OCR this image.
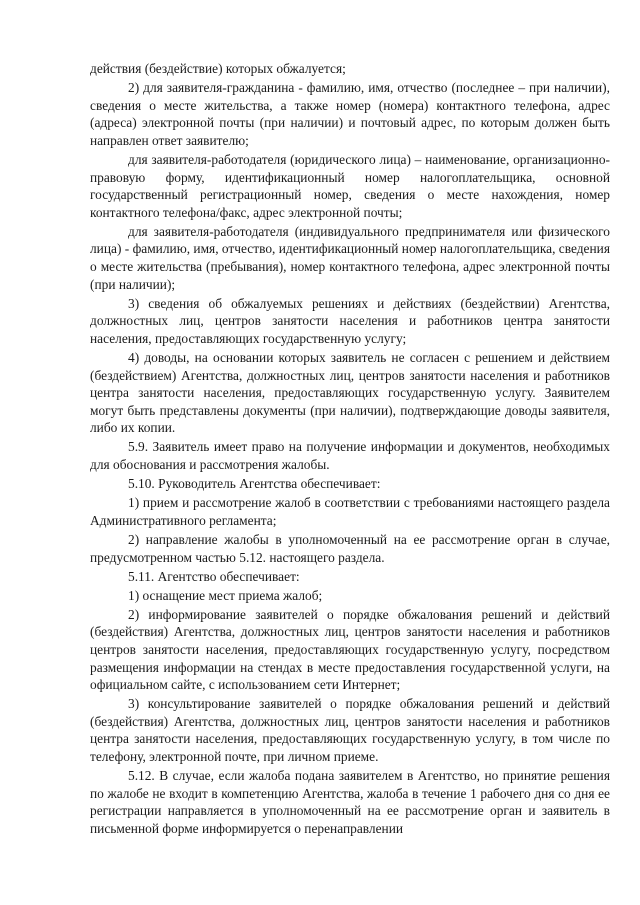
действия (бездействие) которых обжалуется;

2) для заявителя-гражданина - фамилию, имя, отчество (последнее – при наличии), сведения о месте жительства, а также номер (номера) контактного телефона, адрес (адреса) электронной почты (при наличии) и почтовый адрес, по которым должен быть направлен ответ заявителю;

для заявителя-работодателя (юридического лица) – наименование, организационно-правовую форму, идентификационный номер налогоплательщика, основной государственный регистрационный номер, сведения о месте нахождения, номер контактного телефона/факс, адрес электронной почты;

для заявителя-работодателя (индивидуального предпринимателя или физического лица) - фамилию, имя, отчество, идентификационный номер налогоплательщика, сведения о месте жительства (пребывания), номер контактного телефона, адрес электронной почты (при наличии);

3) сведения об обжалуемых решениях и действиях (бездействии) Агентства, должностных лиц, центров занятости населения и работников центра занятости населения, предоставляющих государственную услугу;

4) доводы, на основании которых заявитель не согласен с решением и действием (бездействием) Агентства, должностных лиц, центров занятости населения и работников центра занятости населения, предоставляющих государственную услугу. Заявителем могут быть представлены документы (при наличии), подтверждающие доводы заявителя, либо их копии.

5.9. Заявитель имеет право на получение информации и документов, необходимых для обоснования и рассмотрения жалобы.

5.10. Руководитель Агентства обеспечивает:

1) прием и рассмотрение жалоб в соответствии с требованиями настоящего раздела Административного регламента;

2) направление жалобы в уполномоченный на ее рассмотрение орган в случае, предусмотренном частью 5.12. настоящего раздела.

5.11. Агентство обеспечивает:

1) оснащение мест приема жалоб;

2) информирование заявителей о порядке обжалования решений и действий (бездействия) Агентства, должностных лиц, центров занятости населения и работников центров занятости населения, предоставляющих государственную услугу, посредством размещения информации на стендах в месте предоставления государственной услуги, на официальном сайте, с использованием сети Интернет;

3) консультирование заявителей о порядке обжалования решений и действий (бездействия) Агентства, должностных лиц, центров занятости населения и работников центра занятости населения, предоставляющих государственную услугу, в том числе по телефону, электронной почте, при личном приеме.

5.12. В случае, если жалоба подана заявителем в Агентство, но принятие решения по жалобе не входит в компетенцию Агентства, жалоба в течение 1 рабочего дня со дня ее регистрации направляется в уполномоченный на ее рассмотрение орган и заявитель в письменной форме информируется о перенаправлении
